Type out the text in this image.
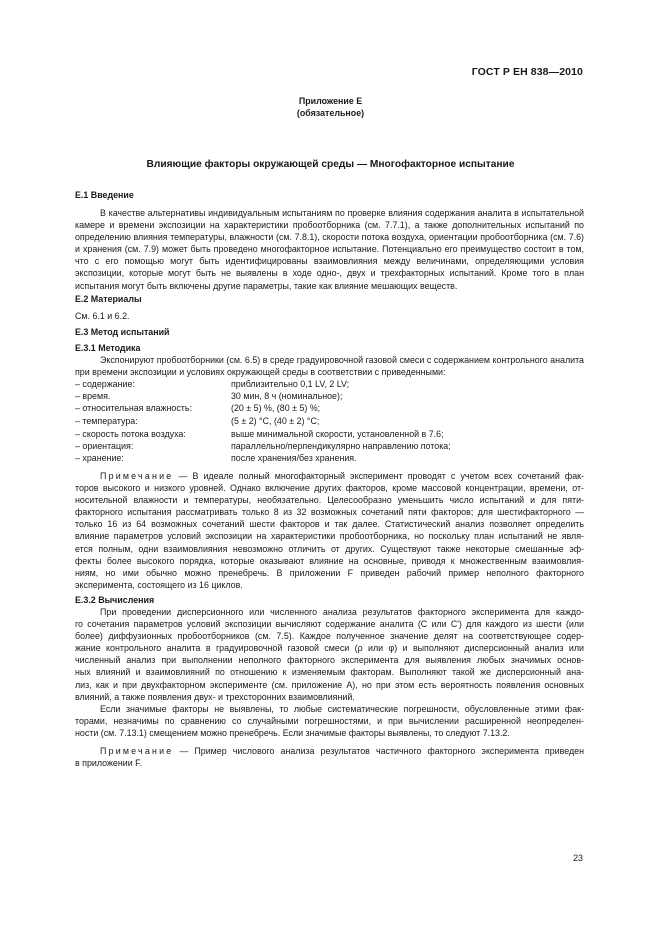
ГОСТ Р ЕН 838—2010
Приложение Е
(обязательное)
Влияющие факторы окружающей среды — Многофакторное испытание
Е.1 Введение
В качестве альтернативы индивидуальным испытаниям по проверке влияния содержания аналита в испытательной камере и времени экспозиции на характеристики пробоотборника (см. 7.7.1), а также дополнительных испытаний по определению влияния температуры, влажности (см. 7.8.1), скорости потока воздуха, ориентации пробоотборника (см. 7.6) и хранения (см. 7.9) может быть проведено многофакторное испытание. Потенциально его преимущество состоит в том, что с его помощью могут быть идентифицированы взаимовлияния между величинами, определяющими условия экспозиции, которые могут быть не выявлены в ходе одно-, двух и трехфакторных испытаний. Кроме того в план испытания могут быть включены другие параметры, такие как влияние мешающих веществ.
Е.2 Материалы
См. 6.1 и 6.2.
Е.3 Метод испытаний
Е.3.1 Методика
Экспонируют пробоотборники (см. 6.5) в среде градуировочной газовой смеси с содержанием контрольного аналита при времени экспозиции и условиях окружающей среды в соответствии с приведенными:
– содержание:	приблизительно 0,1 LV, 2 LV;
– время.	30 мин, 8 ч (номинальное);
– относительная влажность:	(20 ± 5) %, (80 ± 5) %;
– температура:	(5 ± 2) °С, (40 ± 2) °С;
– скорость потока воздуха:	выше минимальной скорости, установленной в 7.6;
– ориентация:	параллельно/перпендикулярно направлению потока;
– хранение:	после хранения/без хранения.
Примечание — В идеале полный многофакторный эксперимент проводят с учетом всех сочетаний фак-
торов высокого и низкого уровней. Однако включение других факторов, кроме массовой концентрации, времени, от-
носительной влажности и температуры, необязательно. Целесообразно уменьшить число испытаний и для пяти-
факторного испытания рассматривать только 8 из 32 возможных сочетаний пяти факторов; для шестифакторного —
только 16 из 64 возможных сочетаний шести факторов и так далее. Статистический анализ позволяет определить
влияние параметров условий экспозиции на характеристики пробоотборника, но поскольку план испытаний не явля-
ется полным, одни взаимовлияния невозможно отличить от других. Существуют также некоторые смешанные эф-
фекты более высокого порядка, которые оказывают влияние на основные, приводя к множественным взаимовлия-
ниям, но ими обычно можно пренебречь. В приложении F приведен рабочий пример неполного факторного
эксперимента, состоящего из 16 циклов.
Е.3.2 Вычисления
При проведении дисперсионного или численного анализа результатов факторного эксперимента для каждо-
го сочетания параметров условий экспозиции вычисляют содержание аналита (С или С') для каждого из шести (или
более) диффузионных пробоотборников (см. 7.5). Каждое полученное значение делят на соответствующее содер-
жание контрольного аналита в градуировочной газовой смеси (ρ или φ) и выполняют дисперсионный анализ или
численный анализ при выполнении неполного факторного эксперимента для выявления любых значимых основ-
ных влияний и взаимовлияний по отношению к изменяемым факторам. Выполняют такой же дисперсионный ана-
лиз, как и при двухфакторном эксперименте (см. приложение А), но при этом есть вероятность появления основных
влияний, а также появления двух- и трехсторонних взаимовлияний.
Если значимые факторы не выявлены, то любые систематические погрешности, обусловленные этими фак-
торами, незначимы по сравнению со случайными погрешностями, и при вычислении расширенной неопределен-
ности (см. 7.13.1) смещением можно пренебречь. Если значимые факторы выявлены, то следуют 7.13.2.
Примечание — Пример числового анализа результатов частичного факторного эксперимента приведен
в приложении F.
23
